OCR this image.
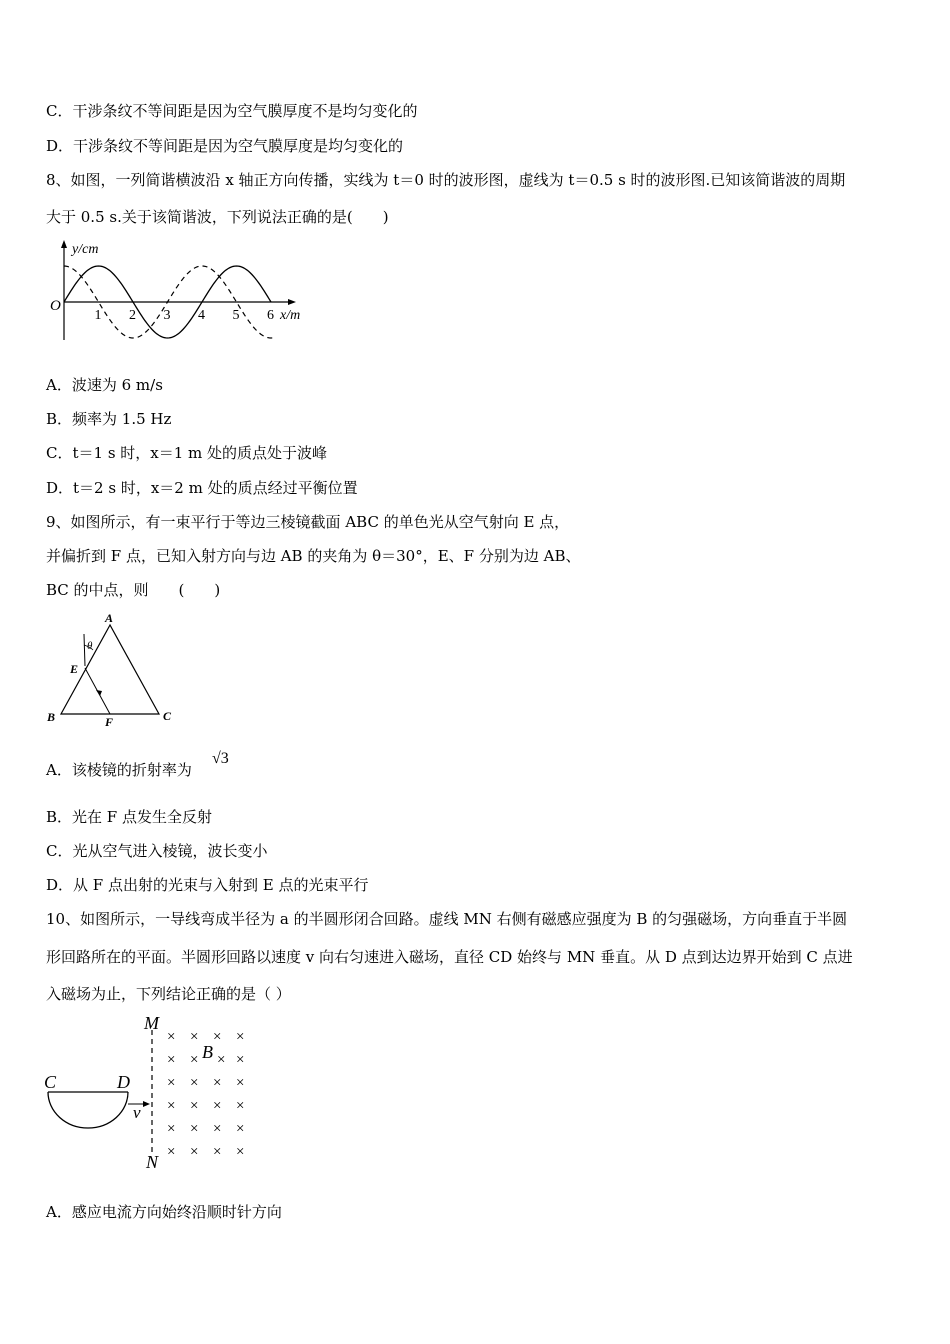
C．干涉条纹不等间距是因为空气膜厚度不是均匀变化的
D．干涉条纹不等间距是因为空气膜厚度是均匀变化的
8、如图，一列简谐横波沿 x 轴正方向传播，实线为 t＝0 时的波形图，虚线为 t＝0.5 s 时的波形图.已知该简谐波的周期
大于 0.5 s.关于该简谐波，下列说法正确的是(　　)
y/cm
x/m
O
1 2 3 4 5 6
A．波速为 6 m/s
B．频率为 1.5 Hz
C．t＝1 s 时，x＝1 m 处的质点处于波峰
D．t＝2 s 时，x＝2 m 处的质点经过平衡位置
9、如图所示，有一束平行于等边三棱镜截面 ABC 的单色光从空气射向 E 点，
并偏折到 F 点，已知入射方向与边 AB 的夹角为 θ＝30°，E、F 分别为边 AB、
BC 的中点，则　　(　　)
A
B	C
E
F
θ
A．该棱镜的折射率为
√3
B．光在 F 点发生全反射
C．光从空气进入棱镜，波长变小
D．从 F 点出射的光束与入射到 E 点的光束平行
10、如图所示，一导线弯成半径为 a 的半圆形闭合回路。虚线 MN 右侧有磁感应强度为 B 的匀强磁场，方向垂直于半圆
形回路所在的平面。半圆形回路以速度 v 向右匀速进入磁场，直径 CD 始终与 MN 垂直。从 D 点到达边界开始到 C 点进
入磁场为止，下列结论正确的是（ ）
M
N
× × × ×
× ×	×
× × × ×
× × × ×
× × × ×
× × × ×
×
B
C	D
v
A．感应电流方向始终沿顺时针方向
